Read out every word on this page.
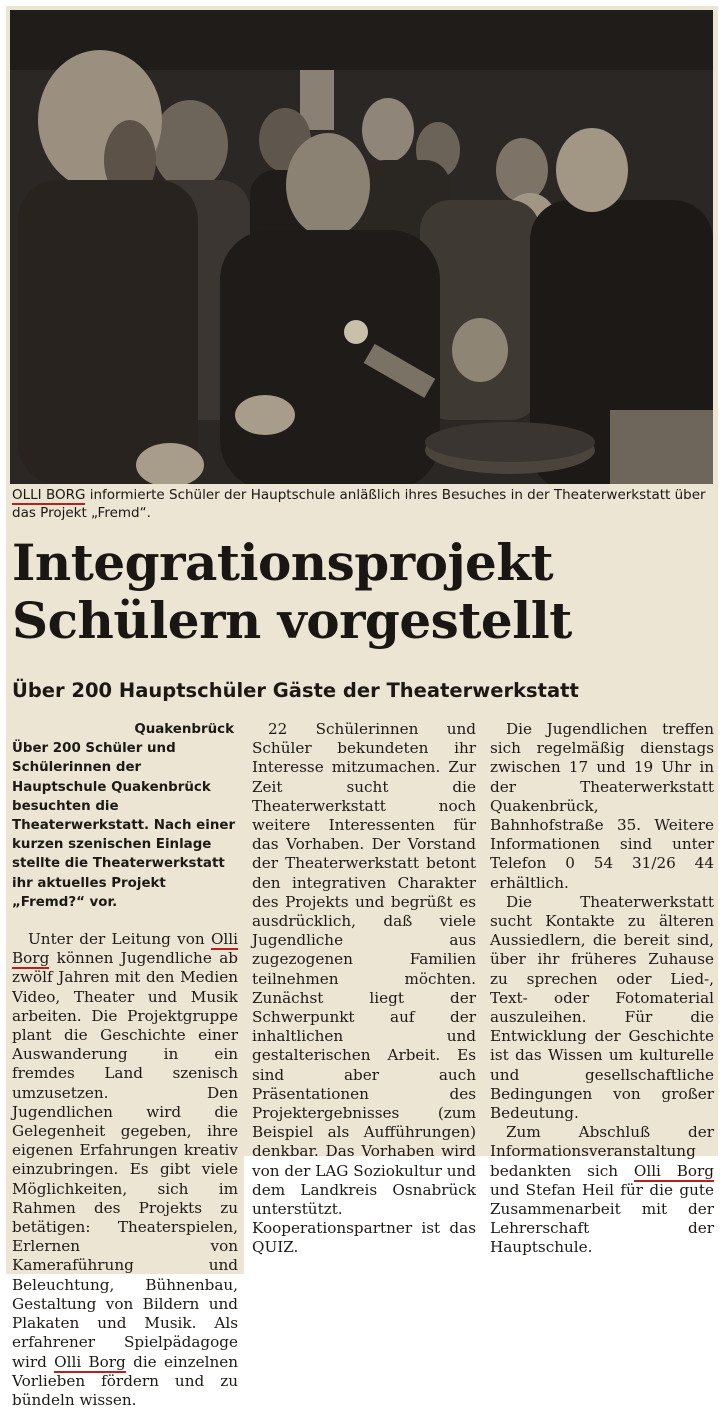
OLLI BORG informierte Schüler der Hauptschule anläßlich ihres Besuches in der Theaterwerkstatt über das Projekt „Fremd“.
Integrationsprojekt
Schülern vorgestellt
Über 200 Hauptschüler Gäste der Theaterwerkstatt

Quakenbrück
Über 200 Schüler und Schülerinnen der Hauptschule Quakenbrück besuchten die Theaterwerkstatt. Nach einer kurzen szenischen Einlage stellte die Theaterwerkstatt ihr aktuelles Projekt „Fremd?“ vor.

Unter der Leitung von Olli Borg können Jugendliche ab zwölf Jahren mit den Medien Video, Theater und Musik arbeiten. Die Projektgruppe plant die Geschichte einer Auswanderung in ein fremdes Land szenisch umzusetzen. Den Jugendlichen wird die Gelegenheit gegeben, ihre eigenen Erfahrungen kreativ einzubringen. Es gibt viele Möglichkeiten, sich im Rahmen des Projekts zu betätigen: Theaterspielen, Erlernen von Kameraführung und Beleuchtung, Bühnenbau, Gestaltung von Bildern und Plakaten und Musik. Als erfahrener Spielpädagoge wird Olli Borg die einzelnen Vorlieben fördern und zu bündeln wissen.

22 Schülerinnen und Schüler bekundeten ihr Interesse mitzumachen. Zur Zeit sucht die Theaterwerkstatt noch weitere Interessenten für das Vorhaben. Der Vorstand der Theaterwerkstatt betont den integrativen Charakter des Projekts und begrüßt es ausdrücklich, daß viele Jugendliche aus zugezogenen Familien teilnehmen möchten. Zunächst liegt der Schwerpunkt auf der inhaltlichen und gestalterischen Arbeit. Es sind aber auch Präsentationen des Projektergebnisses (zum Beispiel als Aufführungen) denkbar. Das Vorhaben wird von der LAG Soziokultur und dem Landkreis Osnabrück unterstützt. Kooperationspartner ist das QUIZ.

Die Jugendlichen treffen sich regelmäßig dienstags zwischen 17 und 19 Uhr in der Theaterwerkstatt Quakenbrück, Bahnhofstraße 35. Weitere Informationen sind unter Telefon 0 54 31/26 44 erhältlich.

Die Theaterwerkstatt sucht Kontakte zu älteren Aussiedlern, die bereit sind, über ihr früheres Zuhause zu sprechen oder Lied-, Text- oder Fotomaterial auszuleihen. Für die Entwicklung der Geschichte ist das Wissen um kulturelle und gesellschaftliche Bedingungen von großer Bedeutung.

Zum Abschluß der Informationsveranstaltung bedankten sich Olli Borg und Stefan Heil für die gute Zusammenarbeit mit der Lehrerschaft der Hauptschule.
